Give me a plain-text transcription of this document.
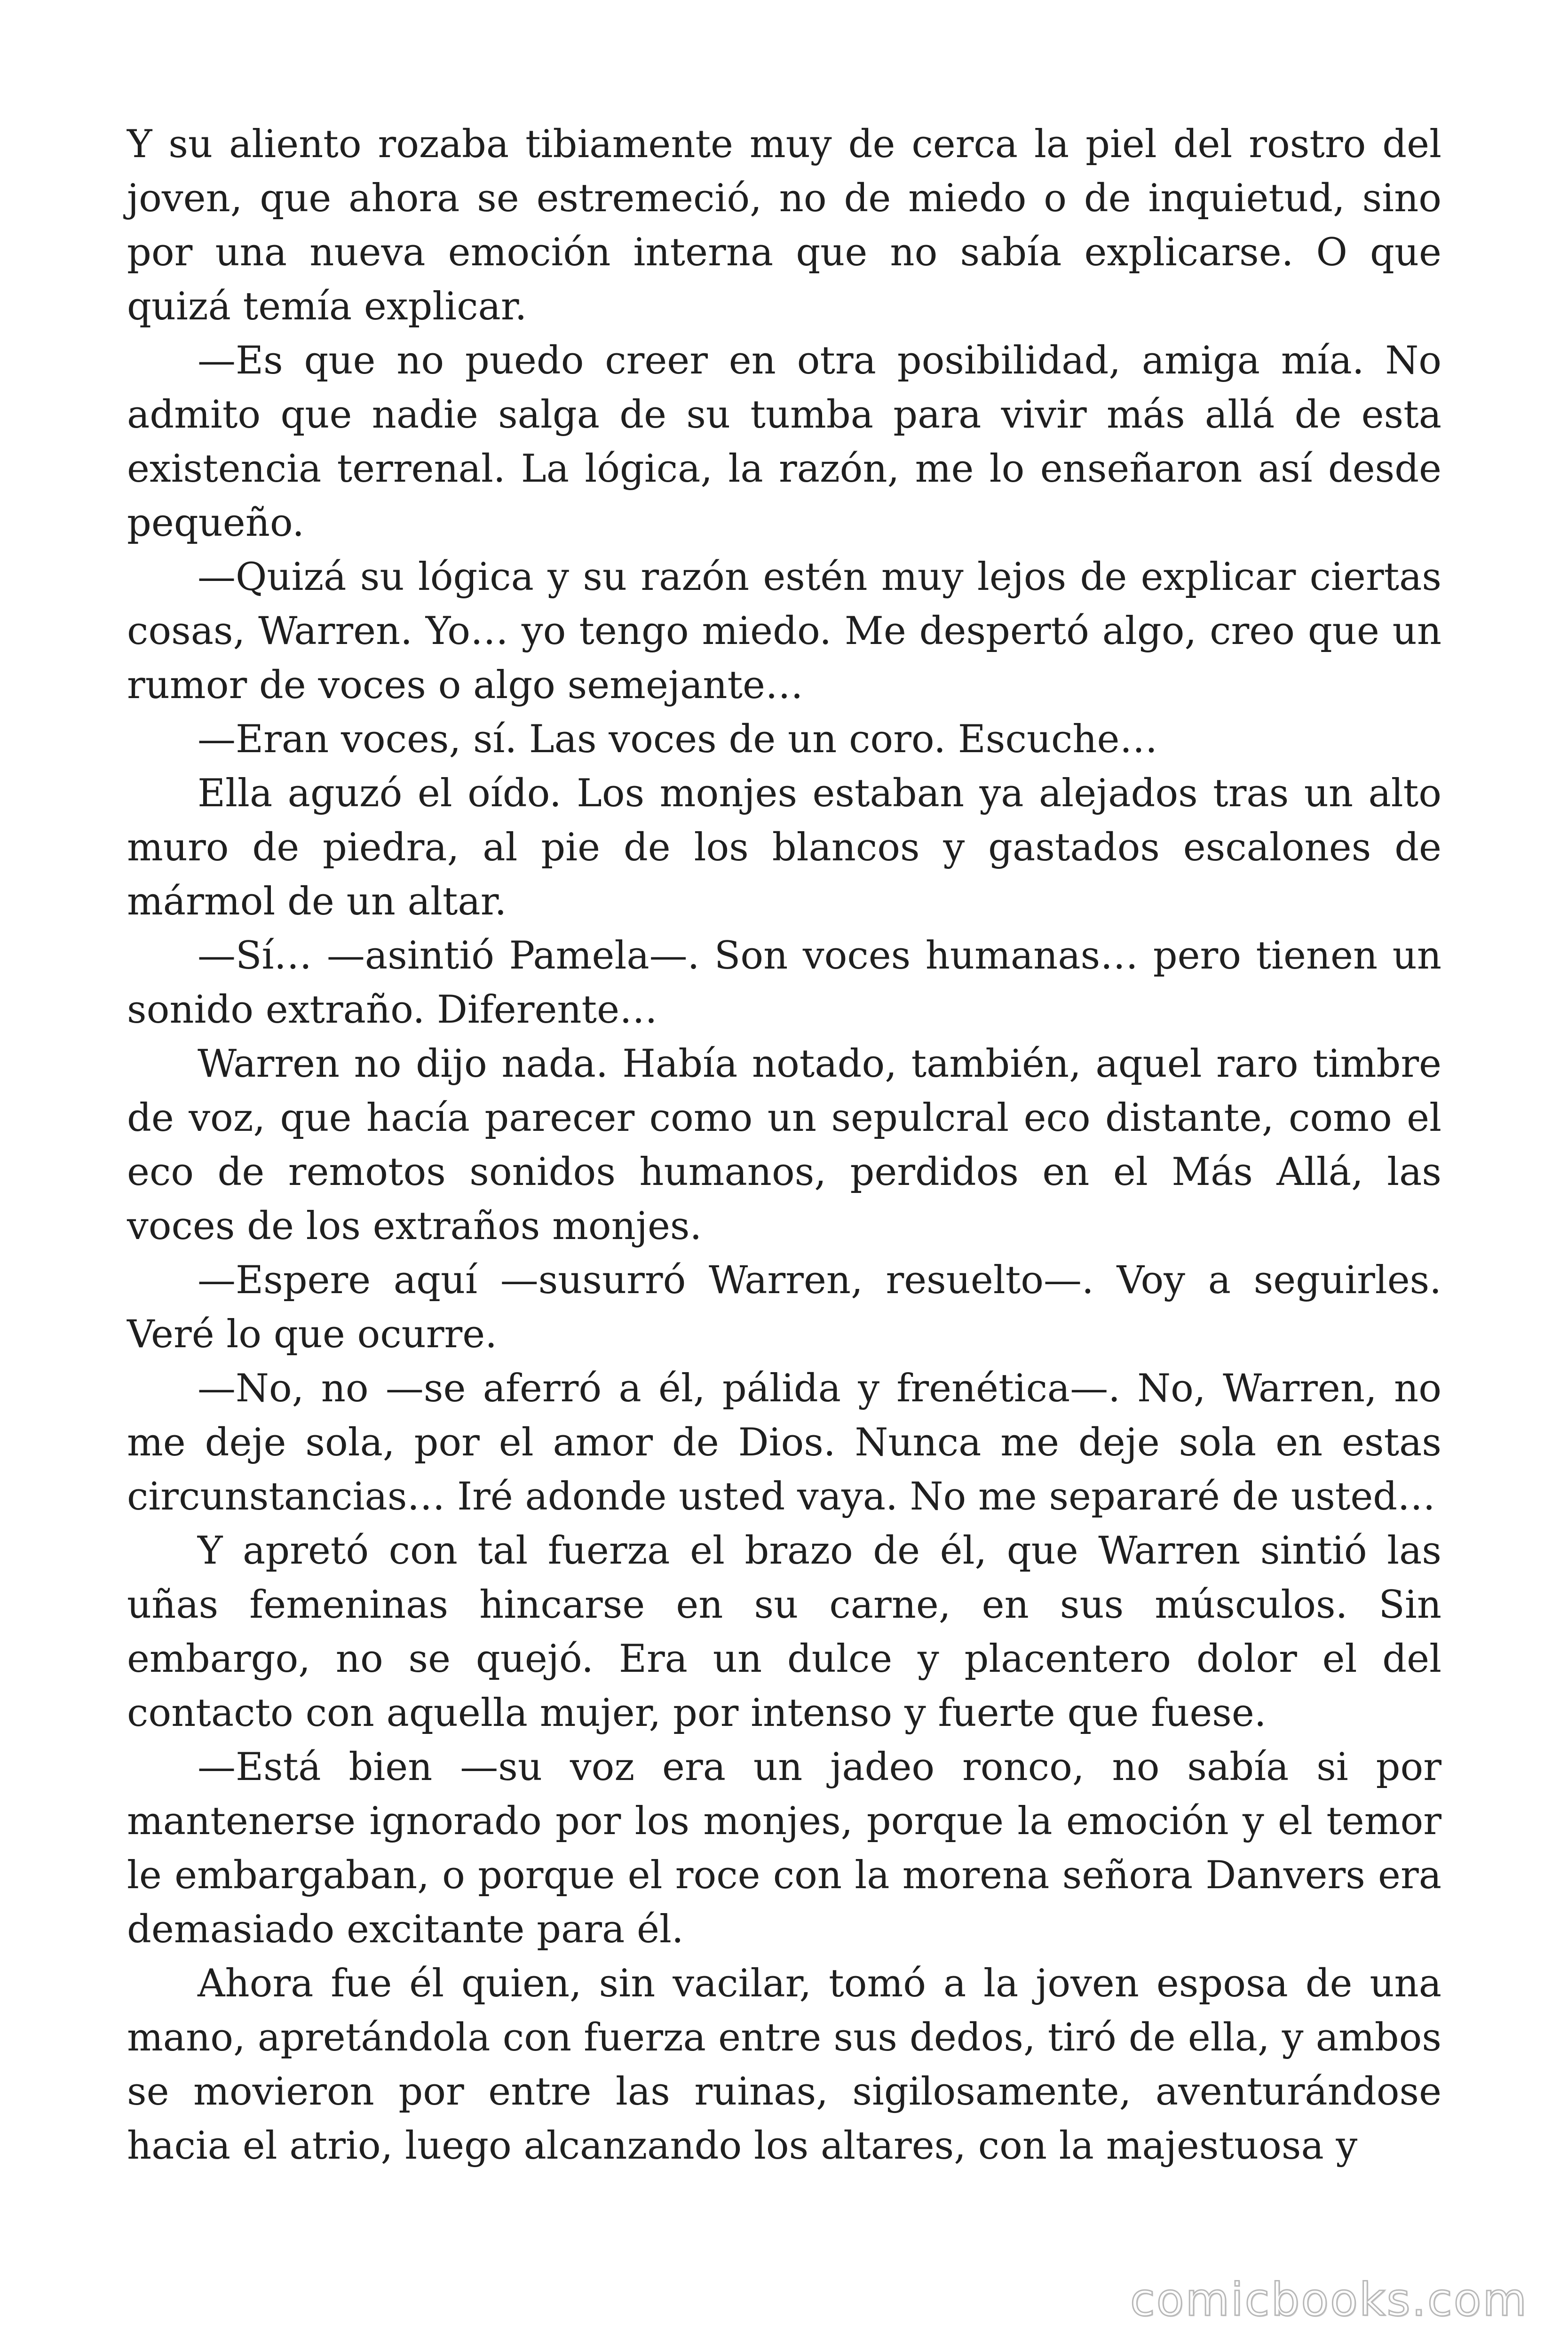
Y su aliento rozaba tibiamente muy de cerca la piel del rostro del joven, que ahora se estremeció, no de miedo o de inquietud, sino por una nueva emoción interna que no sabía explicarse. O que quizá temía explicar.

—Es que no puedo creer en otra posibilidad, amiga mía. No admito que nadie salga de su tumba para vivir más allá de esta existencia terrenal. La lógica, la razón, me lo enseñaron así desde pequeño.

—Quizá su lógica y su razón estén muy lejos de explicar ciertas cosas, Warren. Yo… yo tengo miedo. Me despertó algo, creo que un rumor de voces o algo semejante…

—Eran voces, sí. Las voces de un coro. Escuche…

Ella aguzó el oído. Los monjes estaban ya alejados tras un alto muro de piedra, al pie de los blancos y gastados escalones de mármol de un altar.

—Sí… —asintió Pamela—. Son voces humanas… pero tienen un sonido extraño. Diferente…

Warren no dijo nada. Había notado, también, aquel raro timbre de voz, que hacía parecer como un sepulcral eco distante, como el eco de remotos sonidos humanos, perdidos en el Más Allá, las voces de los extraños monjes.

—Espere aquí —susurró Warren, resuelto—. Voy a seguirles. Veré lo que ocurre.

—No, no —se aferró a él, pálida y frenética—. No, Warren, no me deje sola, por el amor de Dios. Nunca me deje sola en estas circunstancias… Iré adonde usted vaya. No me separaré de usted…

Y apretó con tal fuerza el brazo de él, que Warren sintió las uñas femeninas hincarse en su carne, en sus músculos. Sin embargo, no se quejó. Era un dulce y placentero dolor el del contacto con aquella mujer, por intenso y fuerte que fuese.

—Está bien —su voz era un jadeo ronco, no sabía si por mantenerse ignorado por los monjes, porque la emoción y el temor le embargaban, o porque el roce con la morena señora Danvers era demasiado excitante para él.

Ahora fue él quien, sin vacilar, tomó a la joven esposa de una mano, apretándola con fuerza entre sus dedos, tiró de ella, y ambos se movieron por entre las ruinas, sigilosamente, aventurándose hacia el atrio, luego alcanzando los altares, con la majestuosa y

comicbooks.com
